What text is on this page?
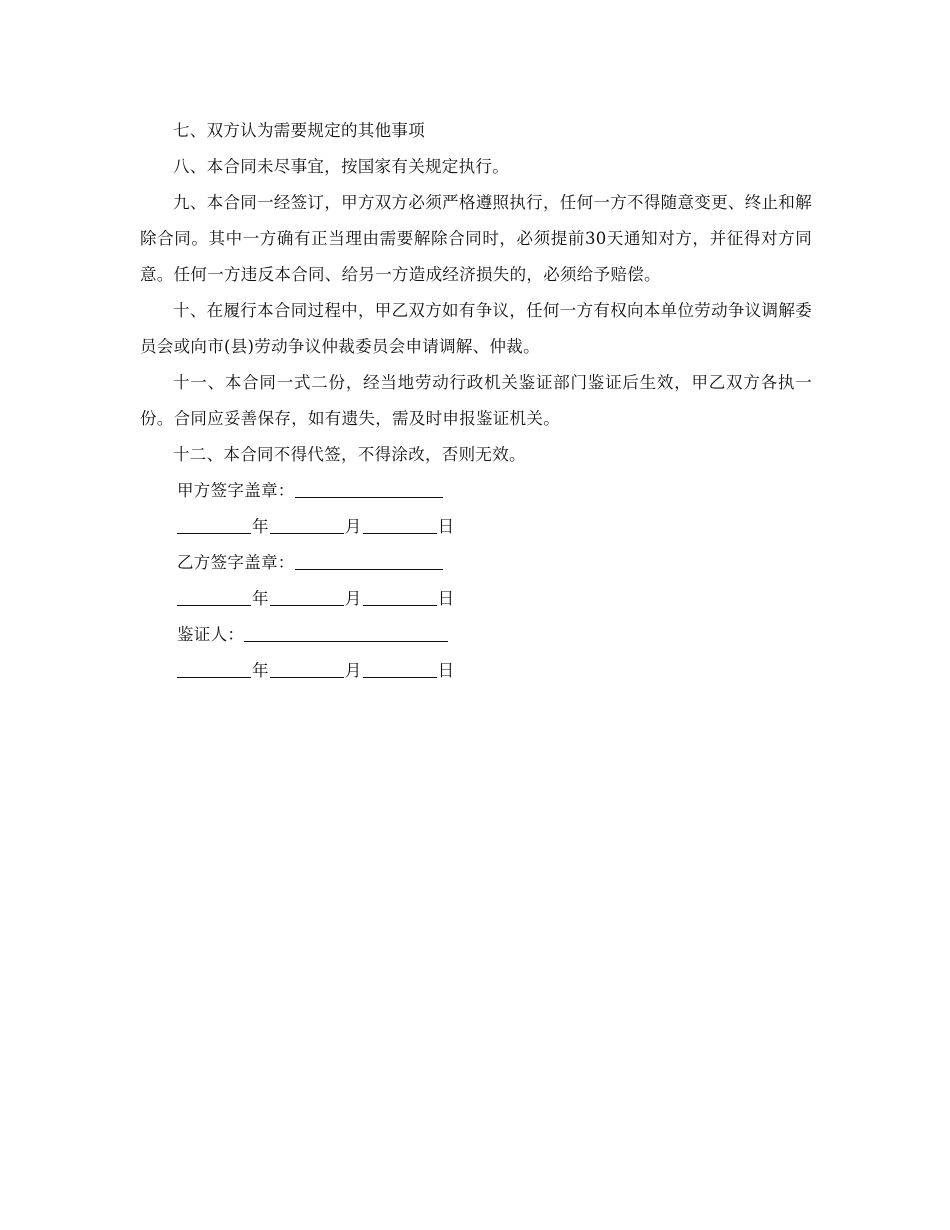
七、双方认为需要规定的其他事项

八、本合同未尽事宜，按国家有关规定执行。

九、本合同一经签订，甲方双方必须严格遵照执行，任何一方不得随意变更、终止和解除合同。其中一方确有正当理由需要解除合同时，必须提前30天通知对方，并征得对方同意。任何一方违反本合同、给另一方造成经济损失的，必须给予赔偿。

十、在履行本合同过程中，甲乙双方如有争议，任何一方有权向本单位劳动争议调解委员会或向市(县)劳动争议仲裁委员会申请调解、仲裁。

十一、本合同一式二份，经当地劳动行政机关鉴证部门鉴证后生效，甲乙双方各执一份。合同应妥善保存，如有遗失，需及时申报鉴证机关。

十二、本合同不得代签，不得涂改，否则无效。

甲方签字盖章：
年	月	日
乙方签字盖章：
年	月	日
鉴证人：
年	月	日
